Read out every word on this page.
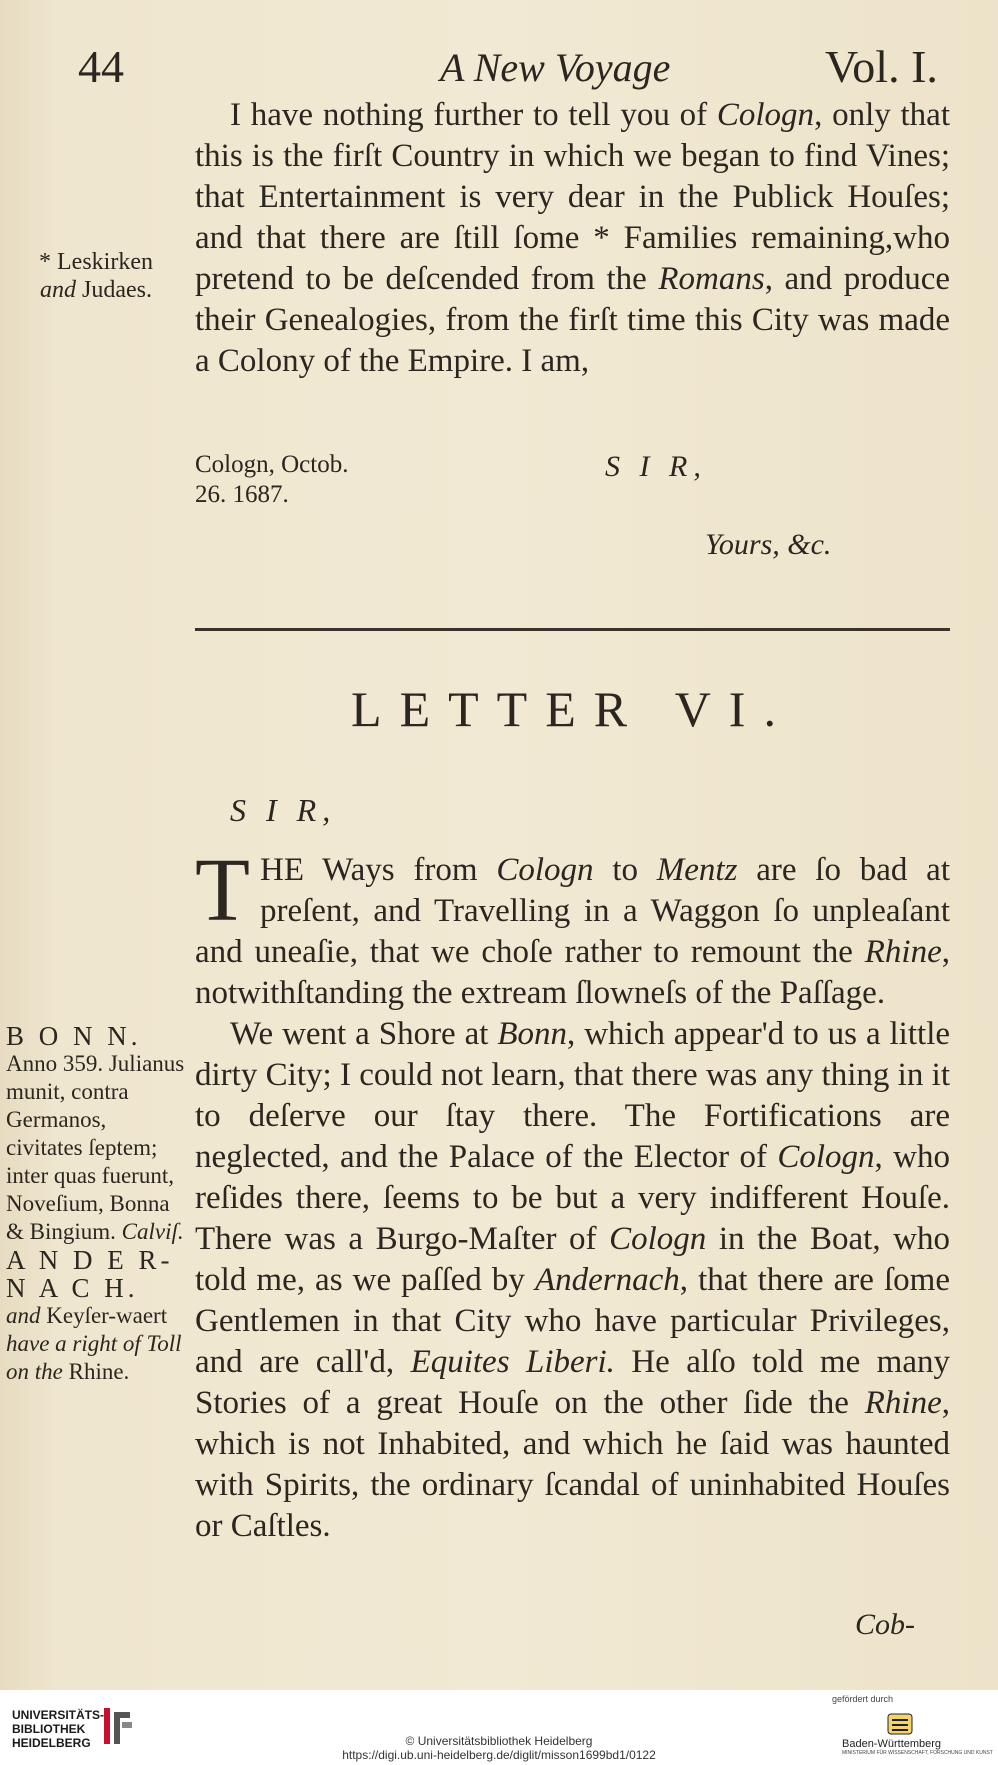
44	A New Voyage	Vol. I.

I have nothing further to tell you of Cologn, only that this is the firſt Country in which we began to find Vines; that Entertainment is very dear in the Publick Houſes; and that there are ſtill ſome * Families remaining,who pretend to be deſcended from the Romans, and produce their Genealogies, from the firſt time this City was made a Colony of the Empire. I am,

* Leskirken
and Judaes.
Cologn, Octob.
26. 1687.
S I R,
Yours, &c.
LETTER VI.
S I R,

THE Ways from Cologn to Mentz are ſo bad at preſent, and Travelling in a Waggon ſo unpleaſant and uneaſie, that we choſe rather to remount the Rhine, notwithſtanding the extream ſlowneſs of the Paſſage.

We went a Shore at Bonn, which appear'd to us a little dirty City; I could not learn, that there was any thing in it to deſerve our ſtay there. The Fortifications are neglected, and the Palace of the Elector of Cologn, who reſides there, ſeems to be but a very indifferent Houſe. There was a Burgo-Maſter of Cologn in the Boat, who told me, as we paſſed by Andernach, that there are ſome Gentlemen in that City who have particular Privileges, and are call'd, Equites Liberi. He alſo told me many Stories of a great Houſe on the other ſide the Rhine, which is not Inhabited, and which he ſaid was haunted with Spirits, the ordinary ſcandal of uninhabited Houſes or Caſtles.

B O N N.
Anno 359. Julianus munit, contra Germanos, civitates ſeptem; inter quas fuerunt, Noveſium, Bonna & Bingium. Calviſ.
A N D E R- N A C H.
and Keyſer-waert have a right of Toll on the Rhine.
Cob-
UNIVERSITÄTS-
BIBLIOTHEK
HEIDELBERG	© Universitätsbibliothek Heidelberg
https://digi.ub.uni-heidelberg.de/diglit/misson1699bd1/0122
gefördert durch
Baden-Württemberg
MINISTERIUM FÜR WISSENSCHAFT, FORSCHUNG UND KUNST
